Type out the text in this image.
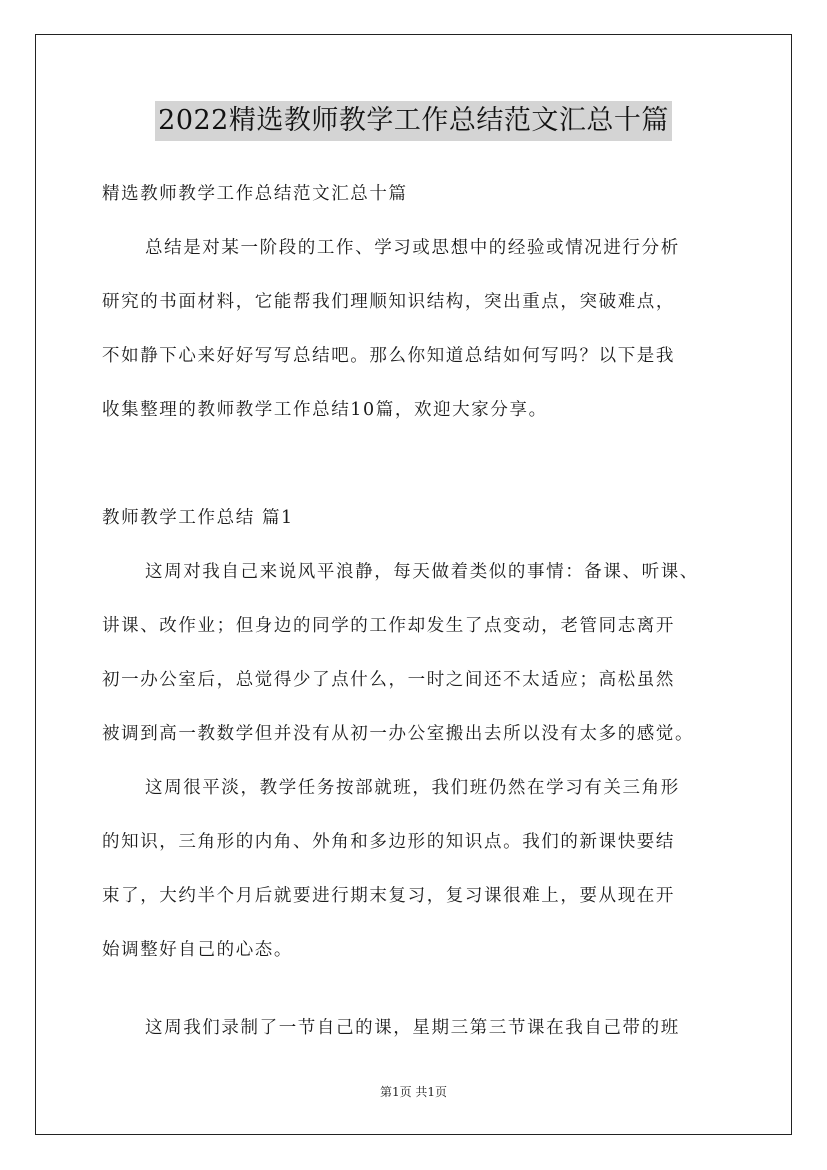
2022精选教师教学工作总结范文汇总十篇
精选教师教学工作总结范文汇总十篇
总结是对某一阶段的工作、学习或思想中的经验或情况进行分析
研究的书面材料，它能帮我们理顺知识结构，突出重点，突破难点，
不如静下心来好好写写总结吧。那么你知道总结如何写吗？以下是我
收集整理的教师教学工作总结10篇，欢迎大家分享。
教师教学工作总结 篇1
这周对我自己来说风平浪静，每天做着类似的事情：备课、听课、
讲课、改作业；但身边的同学的工作却发生了点变动，老管同志离开
初一办公室后，总觉得少了点什么，一时之间还不太适应；高松虽然
被调到高一教数学但并没有从初一办公室搬出去所以没有太多的感觉。
这周很平淡，教学任务按部就班，我们班仍然在学习有关三角形
的知识，三角形的内角、外角和多边形的知识点。我们的新课快要结
束了，大约半个月后就要进行期末复习，复习课很难上，要从现在开
始调整好自己的心态。
这周我们录制了一节自己的课，星期三第三节课在我自己带的班
第1页 共1页
